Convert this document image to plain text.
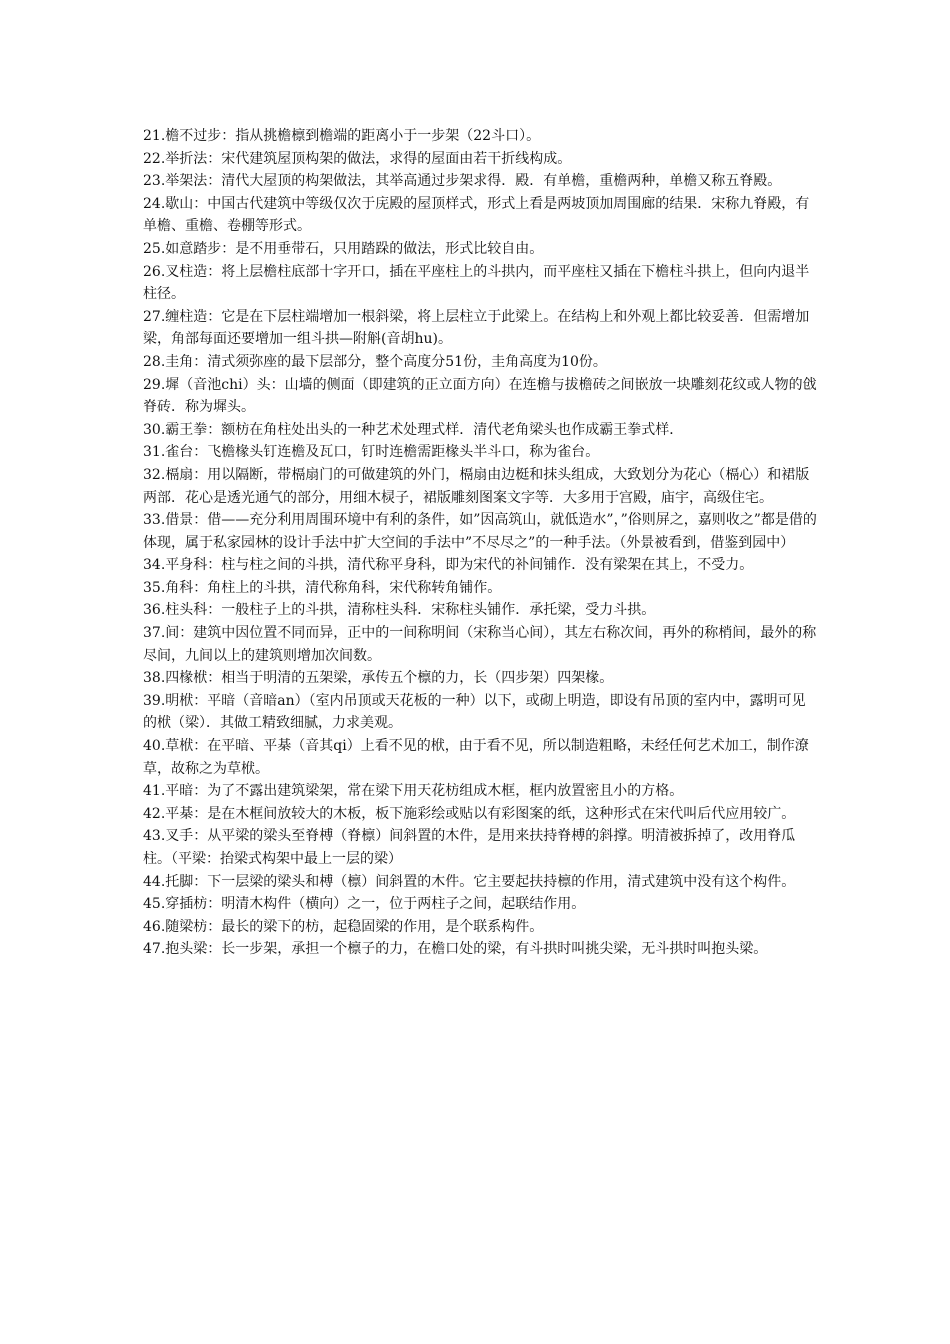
21.檐不过步：指从挑檐檩到檐端的距离小于一步架（22斗口）。

22.举折法：宋代建筑屋顶构架的做法，求得的屋面由若干折线构成。

23.举架法：清代大屋顶的构架做法，其举高通过步架求得．殿．有单檐，重檐两种，单檐又称五脊殿。

24.歇山：中国古代建筑中等级仅次于庑殿的屋顶样式，形式上看是两坡顶加周围廊的结果．宋称九脊殿，有单檐、重檐、卷棚等形式。

25.如意踏步：是不用垂带石，只用踏跺的做法，形式比较自由。

26.叉柱造：将上层檐柱底部十字开口，插在平座柱上的斗拱内，而平座柱又插在下檐柱斗拱上，但向内退半柱径。

27.缠柱造：它是在下层柱端增加一根斜梁，将上层柱立于此梁上。在结构上和外观上都比较妥善．但需增加梁，角部每面还要增加一组斗拱—附斛(音胡hu)。

28.圭角：清式须弥座的最下层部分，整个高度分51份，圭角高度为10份。

29.墀（音池chi）头：山墙的侧面（即建筑的正立面方向）在连檐与拔檐砖之间嵌放一块雕刻花纹或人物的戗脊砖．称为墀头。

30.霸王拳：额枋在角柱处出头的一种艺术处理式样．清代老角梁头也作成霸王拳式样．

31.雀台：飞檐椽头钉连檐及瓦口，钉时连檐需距椽头半斗口，称为雀台。

32.槅扇：用以隔断，带槅扇门的可做建筑的外门，槅扇由边梃和抹头组成，大致划分为花心（槅心）和裙版两部．花心是透光通气的部分，用细木棂子，裙版雕刻图案文字等．大多用于宫殿，庙宇，高级住宅。

33.借景：借——充分利用周围环境中有利的条件，如”因高筑山，就低造水”，”俗则屏之，嘉则收之”都是借的体现，属于私家园林的设计手法中扩大空间的手法中”不尽尽之”的一种手法。（外景被看到，借鉴到园中）

34.平身科：柱与柱之间的斗拱，清代称平身科，即为宋代的补间铺作．没有梁架在其上，不受力。

35.角科：角柱上的斗拱，清代称角科，宋代称转角铺作。

36.柱头科：一般柱子上的斗拱，清称柱头科．宋称柱头铺作．承托梁，受力斗拱。

37.间：建筑中因位置不同而异，正中的一间称明间（宋称当心间），其左右称次间，再外的称梢间，最外的称尽间，九间以上的建筑则增加次间数。

38.四椽栿：相当于明清的五架梁，承传五个檩的力，长（四步架）四架椽。

39.明栿：平暗（音暗an）（室内吊顶或天花板的一种）以下，或砌上明造，即设有吊顶的室内中，露明可见的栿（梁）．其做工精致细腻，力求美观。

40.草栿：在平暗、平棊（音其qi）上看不见的栿，由于看不见，所以制造粗略，未经任何艺术加工，制作潦草，故称之为草栿。

41.平暗：为了不露出建筑梁架，常在梁下用天花枋组成木框，框内放置密且小的方格。

42.平棊：是在木框间放较大的木板，板下施彩绘或贴以有彩图案的纸，这种形式在宋代叫后代应用较广。

43.叉手：从平梁的梁头至脊榑（脊檩）间斜置的木件，是用来扶持脊榑的斜撑。明清被拆掉了，改用脊瓜柱。（平梁：抬梁式构架中最上一层的梁）

44.托脚：下一层梁的梁头和榑（檩）间斜置的木件。它主要起扶持檩的作用，清式建筑中没有这个构件。

45.穿插枋：明清木构件（横向）之一，位于两柱子之间，起联结作用。

46.随梁枋：最长的梁下的枋，起稳固梁的作用，是个联系构件。

47.抱头梁：长一步架，承担一个檩子的力，在檐口处的梁，有斗拱时叫挑尖梁，无斗拱时叫抱头梁。
